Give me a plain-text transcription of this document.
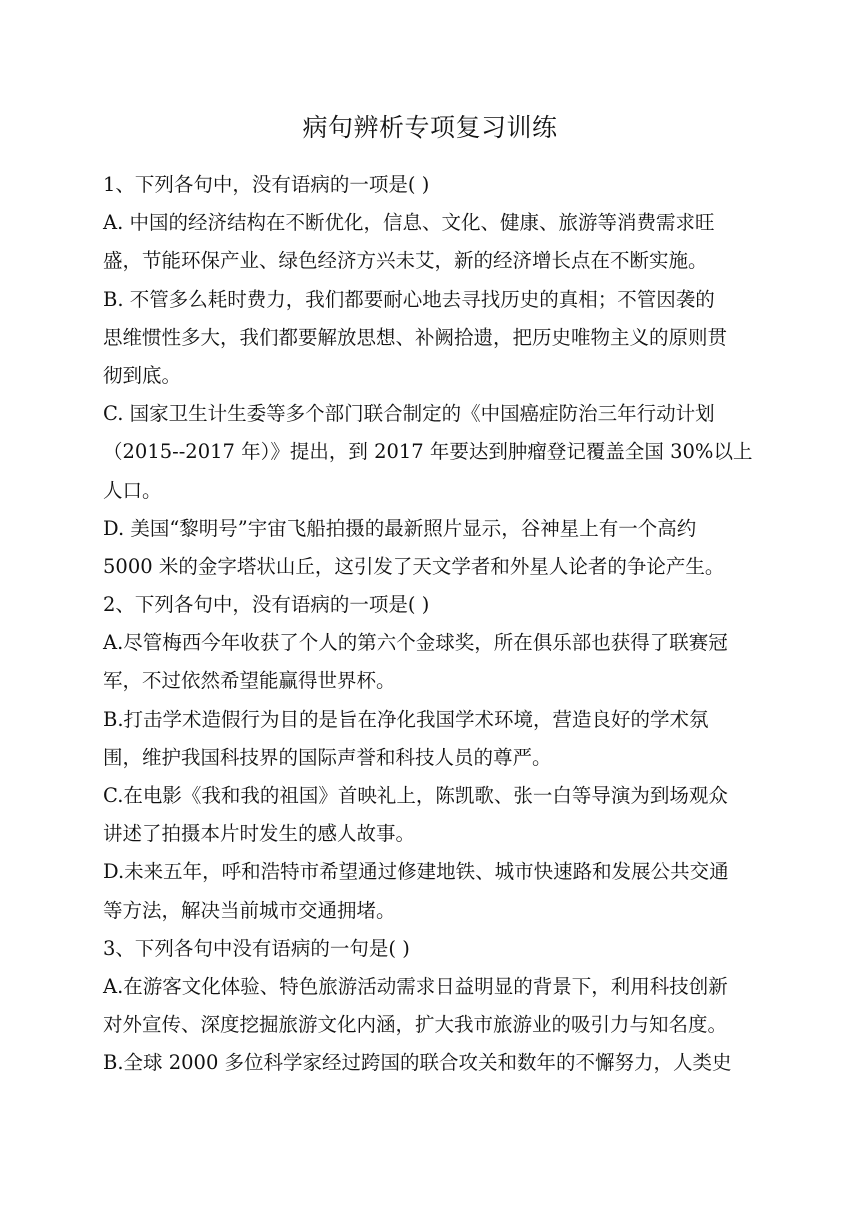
病句辨析专项复习训练
1、下列各句中，没有语病的一项是( )
A. 中国的经济结构在不断优化，信息、文化、健康、旅游等消费需求旺
盛，节能环保产业、绿色经济方兴未艾，新的经济增长点在不断实施。
B. 不管多么耗时费力，我们都要耐心地去寻找历史的真相；不管因袭的
思维惯性多大，我们都要解放思想、补阙拾遗，把历史唯物主义的原则贯
彻到底。
C. 国家卫生计生委等多个部门联合制定的《中国癌症防治三年行动计划
（2015--2017 年）》提出，到 2017 年要达到肿瘤登记覆盖全国 30%以上
人口。
D. 美国“黎明号”宇宙飞船拍摄的最新照片显示，谷神星上有一个高约
5000 米的金字塔状山丘，这引发了天文学者和外星人论者的争论产生。
2、下列各句中，没有语病的一项是( )
A.尽管梅西今年收获了个人的第六个金球奖，所在俱乐部也获得了联赛冠
军，不过依然希望能赢得世界杯。
B.打击学术造假行为目的是旨在净化我国学术环境，营造良好的学术氛
围，维护我国科技界的国际声誉和科技人员的尊严。
C.在电影《我和我的祖国》首映礼上，陈凯歌、张一白等导演为到场观众
讲述了拍摄本片时发生的感人故事。
D.未来五年，呼和浩特市希望通过修建地铁、城市快速路和发展公共交通
等方法，解决当前城市交通拥堵。
3、下列各句中没有语病的一句是( )
A.在游客文化体验、特色旅游活动需求日益明显的背景下，利用科技创新
对外宣传、深度挖掘旅游文化内涵，扩大我市旅游业的吸引力与知名度。
B.全球 2000 多位科学家经过跨国的联合攻关和数年的不懈努力，人类史
